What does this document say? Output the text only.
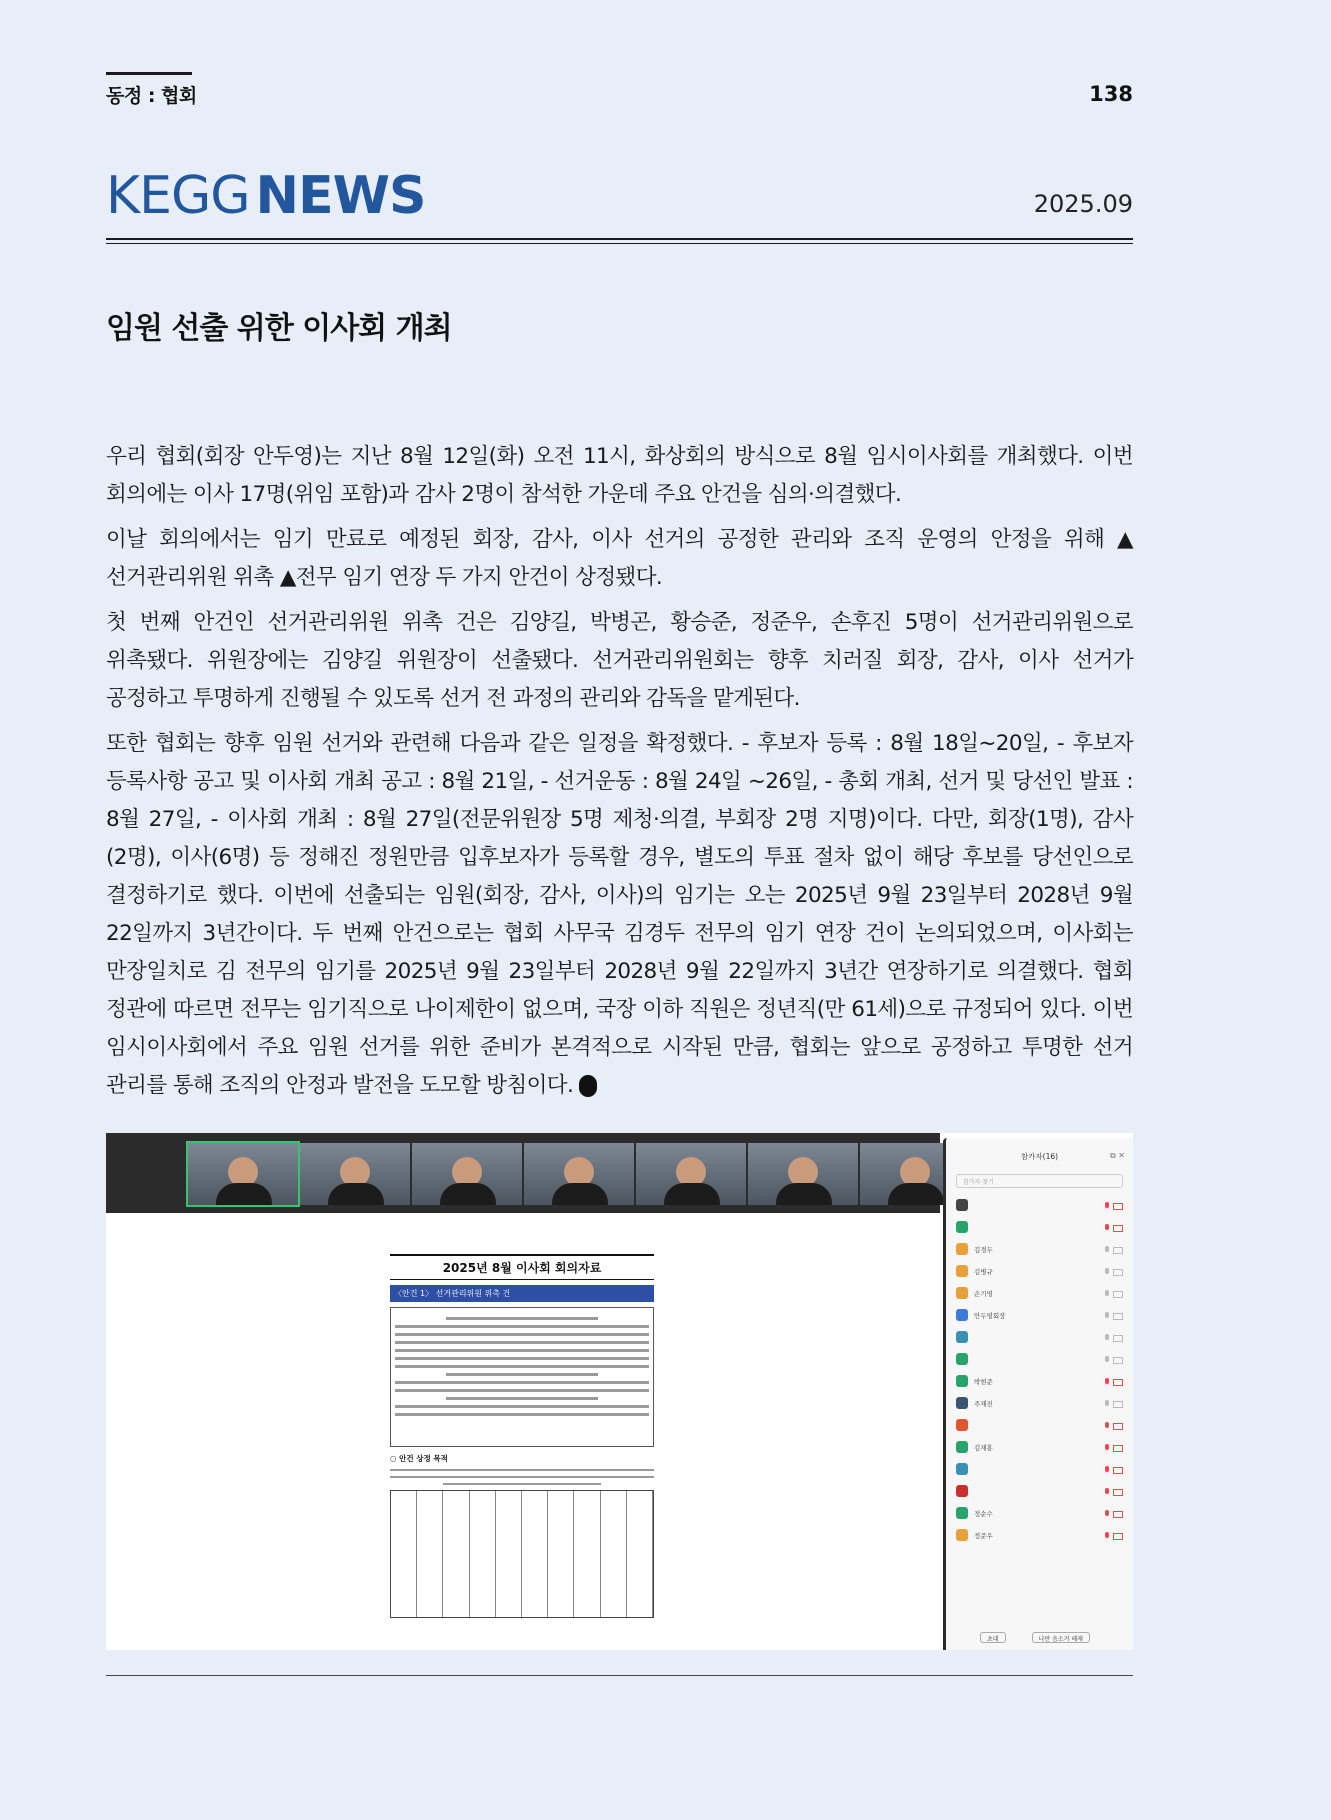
동정 : 협회	138
KEGG NEWS	2025.09
임원 선출 위한 이사회 개최

우리 협회(회장 안두영)는 지난 8월 12일(화) 오전 11시, 화상회의 방식으로 8월 임시이사회를 개최했다. 이번 회의에는 이사 17명(위임 포함)과 감사 2명이 참석한 가운데 주요 안건을 심의·의결했다.

이날 회의에서는 임기 만료로 예정된 회장, 감사, 이사 선거의 공정한 관리와 조직 운영의 안정을 위해 ▲선거관리위원 위촉 ▲전무 임기 연장 두 가지 안건이 상정됐다.

첫 번째 안건인 선거관리위원 위촉 건은 김양길, 박병곤, 황승준, 정준우, 손후진 5명이 선거관리위원으로 위촉됐다. 위원장에는 김양길 위원장이 선출됐다. 선거관리위원회는 향후 치러질 회장, 감사, 이사 선거가 공정하고 투명하게 진행될 수 있도록 선거 전 과정의 관리와 감독을 맡게된다.

또한 협회는 향후 임원 선거와 관련해 다음과 같은 일정을 확정했다. - 후보자 등록 : 8월 18일~20일, - 후보자 등록사항 공고 및 이사회 개최 공고 : 8월 21일, - 선거운동 : 8월 24일 ~26일, - 총회 개최, 선거 및 당선인 발표 : 8월 27일, - 이사회 개최 : 8월 27일(전문위원장 5명 제청·의결, 부회장 2명 지명)이다. 다만, 회장(1명), 감사(2명), 이사(6명) 등 정해진 정원만큼 입후보자가 등록할 경우, 별도의 투표 절차 없이 해당 후보를 당선인으로 결정하기로 했다. 이번에 선출되는 임원(회장, 감사, 이사)의 임기는 오는 2025년 9월 23일부터 2028년 9월 22일까지 3년간이다. 두 번째 안건으로는 협회 사무국 김경두 전무의 임기 연장 건이 논의되었으며, 이사회는 만장일치로 김 전무의 임기를 2025년 9월 23일부터 2028년 9월 22일까지 3년간 연장하기로 의결했다. 협회 정관에 따르면 전무는 임기직으로 나이제한이 없으며, 국장 이하 직원은 정년직(만 61세)으로 규정되어 있다. 이번 임시이사회에서 주요 임원 선거를 위한 준비가 본격적으로 시작된 만큼, 협회는 앞으로 공정하고 투명한 선거 관리를 통해 조직의 안정과 발전을 도모할 방침이다.

2025년 8월 이사회 회의자료
〈안건 1〉 선거관리위원 위촉 건
○ 안건 상정 목적
참가자(16)	⧉ ✕
참가자 찾기
김경두
김병규
손기영
안두영회장
박현준
주재진
김재홍
정순수
정준우
초대	나만 음소거 해제
